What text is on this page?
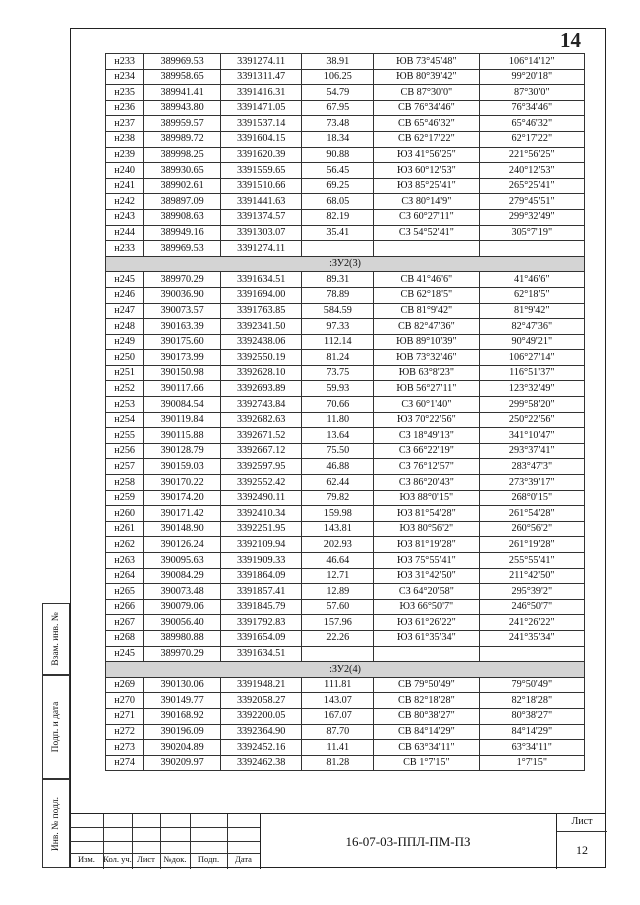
14
н233	389969.53	3391274.11	38.91	ЮВ 73°45'48"	106°14'12"
н234	389958.65	3391311.47	106.25	ЮВ 80°39'42"	99°20'18"
н235	389941.41	3391416.31	54.79	СВ 87°30'0"	87°30'0"
н236	389943.80	3391471.05	67.95	СВ 76°34'46"	76°34'46"
н237	389959.57	3391537.14	73.48	СВ 65°46'32"	65°46'32"
н238	389989.72	3391604.15	18.34	СВ 62°17'22"	62°17'22"
н239	389998.25	3391620.39	90.88	ЮЗ 41°56'25"	221°56'25"
н240	389930.65	3391559.65	56.45	ЮЗ 60°12'53"	240°12'53"
н241	389902.61	3391510.66	69.25	ЮЗ 85°25'41"	265°25'41"
н242	389897.09	3391441.63	68.05	СЗ 80°14'9"	279°45'51"
н243	389908.63	3391374.57	82.19	СЗ 60°27'11"	299°32'49"
н244	389949.16	3391303.07	35.41	СЗ 54°52'41"	305°7'19"
н233	389969.53	3391274.11			
:ЗУ2(3)					
н245	389970.29	3391634.51	89.31	СВ 41°46'6"	41°46'6"
н246	390036.90	3391694.00	78.89	СВ 62°18'5"	62°18'5"
н247	390073.57	3391763.85	584.59	СВ 81°9'42"	81°9'42"
н248	390163.39	3392341.50	97.33	СВ 82°47'36"	82°47'36"
н249	390175.60	3392438.06	112.14	ЮВ 89°10'39"	90°49'21"
н250	390173.99	3392550.19	81.24	ЮВ 73°32'46"	106°27'14"
н251	390150.98	3392628.10	73.75	ЮВ 63°8'23"	116°51'37"
н252	390117.66	3392693.89	59.93	ЮВ 56°27'11"	123°32'49"
н253	390084.54	3392743.84	70.66	СЗ 60°1'40"	299°58'20"
н254	390119.84	3392682.63	11.80	ЮЗ 70°22'56"	250°22'56"
н255	390115.88	3392671.52	13.64	СЗ 18°49'13"	341°10'47"
н256	390128.79	3392667.12	75.50	СЗ 66°22'19"	293°37'41"
н257	390159.03	3392597.95	46.88	СЗ 76°12'57"	283°47'3"
н258	390170.22	3392552.42	62.44	СЗ 86°20'43"	273°39'17"
н259	390174.20	3392490.11	79.82	ЮЗ 88°0'15"	268°0'15"
н260	390171.42	3392410.34	159.98	ЮЗ 81°54'28"	261°54'28"
н261	390148.90	3392251.95	143.81	ЮЗ 80°56'2"	260°56'2"
н262	390126.24	3392109.94	202.93	ЮЗ 81°19'28"	261°19'28"
н263	390095.63	3391909.33	46.64	ЮЗ 75°55'41"	255°55'41"
н264	390084.29	3391864.09	12.71	ЮЗ 31°42'50"	211°42'50"
н265	390073.48	3391857.41	12.89	СЗ 64°20'58"	295°39'2"
н266	390079.06	3391845.79	57.60	ЮЗ 66°50'7"	246°50'7"
н267	390056.40	3391792.83	157.96	ЮЗ 61°26'22"	241°26'22"
н268	389980.88	3391654.09	22.26	ЮЗ 61°35'34"	241°35'34"
н245	389970.29	3391634.51			
:ЗУ2(4)					
н269	390130.06	3391948.21	111.81	СВ 79°50'49"	79°50'49"
н270	390149.77	3392058.27	143.07	СВ 82°18'28"	82°18'28"
н271	390168.92	3392200.05	167.07	СВ 80°38'27"	80°38'27"
н272	390196.09	3392364.90	87.70	СВ 84°14'29"	84°14'29"
н273	390204.89	3392452.16	11.41	СВ 63°34'11"	63°34'11"
н274	390209.97	3392462.38	81.28	СВ 1°7'15"	1°7'15"
Взам. инв. №
Подп. и дата
Инв. № подл.
Изм. Кол. уч. Лист	№док.	Подп.	Дата
16-07-03-ППЛ-ПМ-ПЗ
Лист
12
